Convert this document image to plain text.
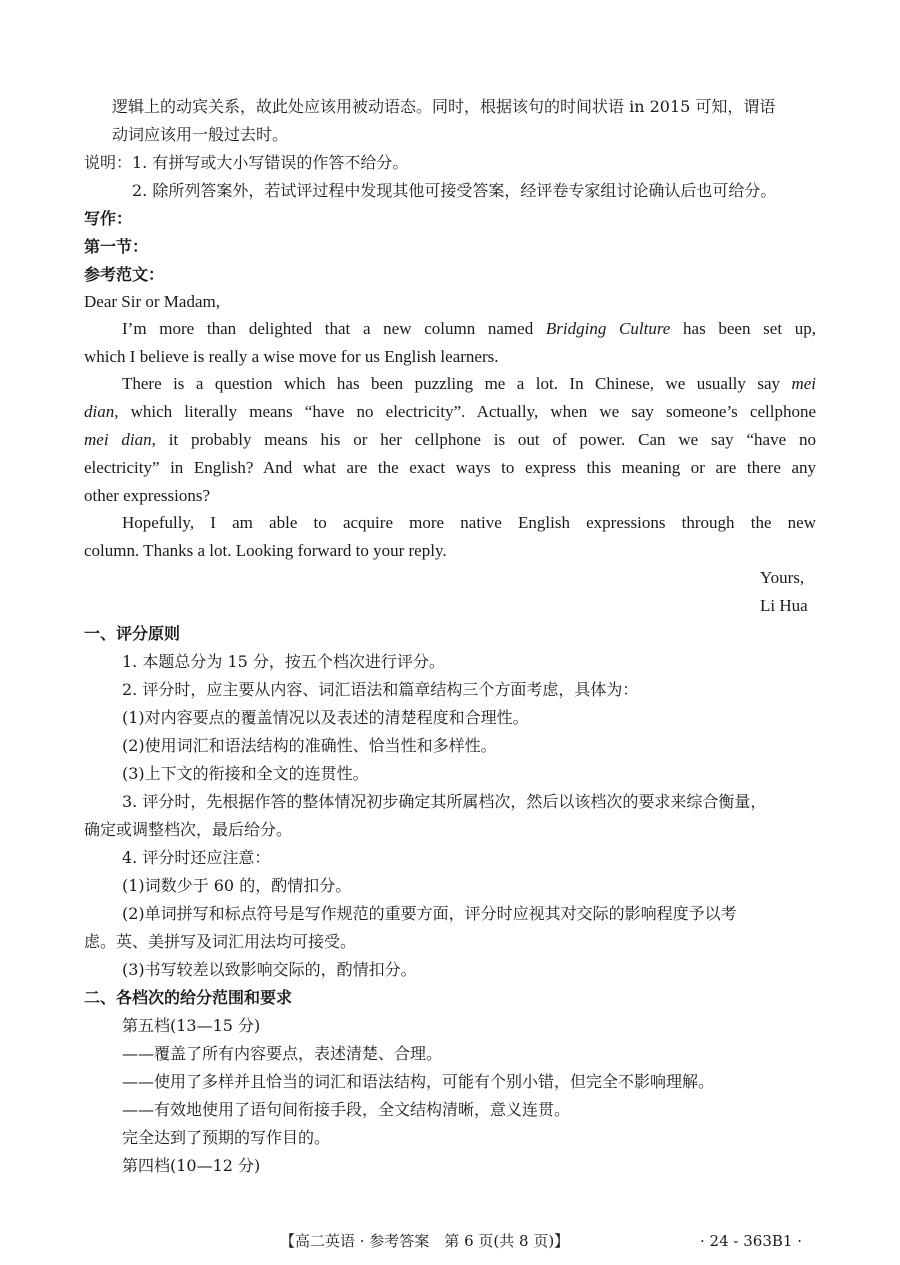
逻辑上的动宾关系，故此处应该用被动语态。同时，根据该句的时间状语 in 2015 可知，谓语
动词应该用一般过去时。
说明：1. 有拼写或大小写错误的作答不给分。
2. 除所列答案外，若试评过程中发现其他可接受答案，经评卷专家组讨论确认后也可给分。
写作：
第一节：
参考范文：
Dear Sir or Madam,
I’m more than delighted that a new column named Bridging Culture has been set up,
which I believe is really a wise move for us English learners.
There is a question which has been puzzling me a lot. In Chinese, we usually say mei
dian, which literally means “have no electricity”. Actually, when we say someone’s cellphone
mei dian, it probably means his or her cellphone is out of power. Can we say “have no
electricity” in English? And what are the exact ways to express this meaning or are there any
other expressions?
Hopefully, I am able to acquire more native English expressions through the new
column. Thanks a lot. Looking forward to your reply.
Yours,
Li Hua
一、评分原则
1. 本题总分为 15 分，按五个档次进行评分。
2. 评分时，应主要从内容、词汇语法和篇章结构三个方面考虑，具体为：
(1)对内容要点的覆盖情况以及表述的清楚程度和合理性。
(2)使用词汇和语法结构的准确性、恰当性和多样性。
(3)上下文的衔接和全文的连贯性。
3. 评分时，先根据作答的整体情况初步确定其所属档次，然后以该档次的要求来综合衡量，
确定或调整档次，最后给分。
4. 评分时还应注意：
(1)词数少于 60 的，酌情扣分。
(2)单词拼写和标点符号是写作规范的重要方面，评分时应视其对交际的影响程度予以考
虑。英、美拼写及词汇用法均可接受。
(3)书写较差以致影响交际的，酌情扣分。
二、各档次的给分范围和要求
第五档(13—15 分)
——覆盖了所有内容要点，表述清楚、合理。
——使用了多样并且恰当的词汇和语法结构，可能有个别小错，但完全不影响理解。
——有效地使用了语句间衔接手段，全文结构清晰，意义连贯。
完全达到了预期的写作目的。
第四档(10—12 分)
【高二英语 · 参考答案　第 6 页(共 8 页)】	· 24 - 363B1 ·
